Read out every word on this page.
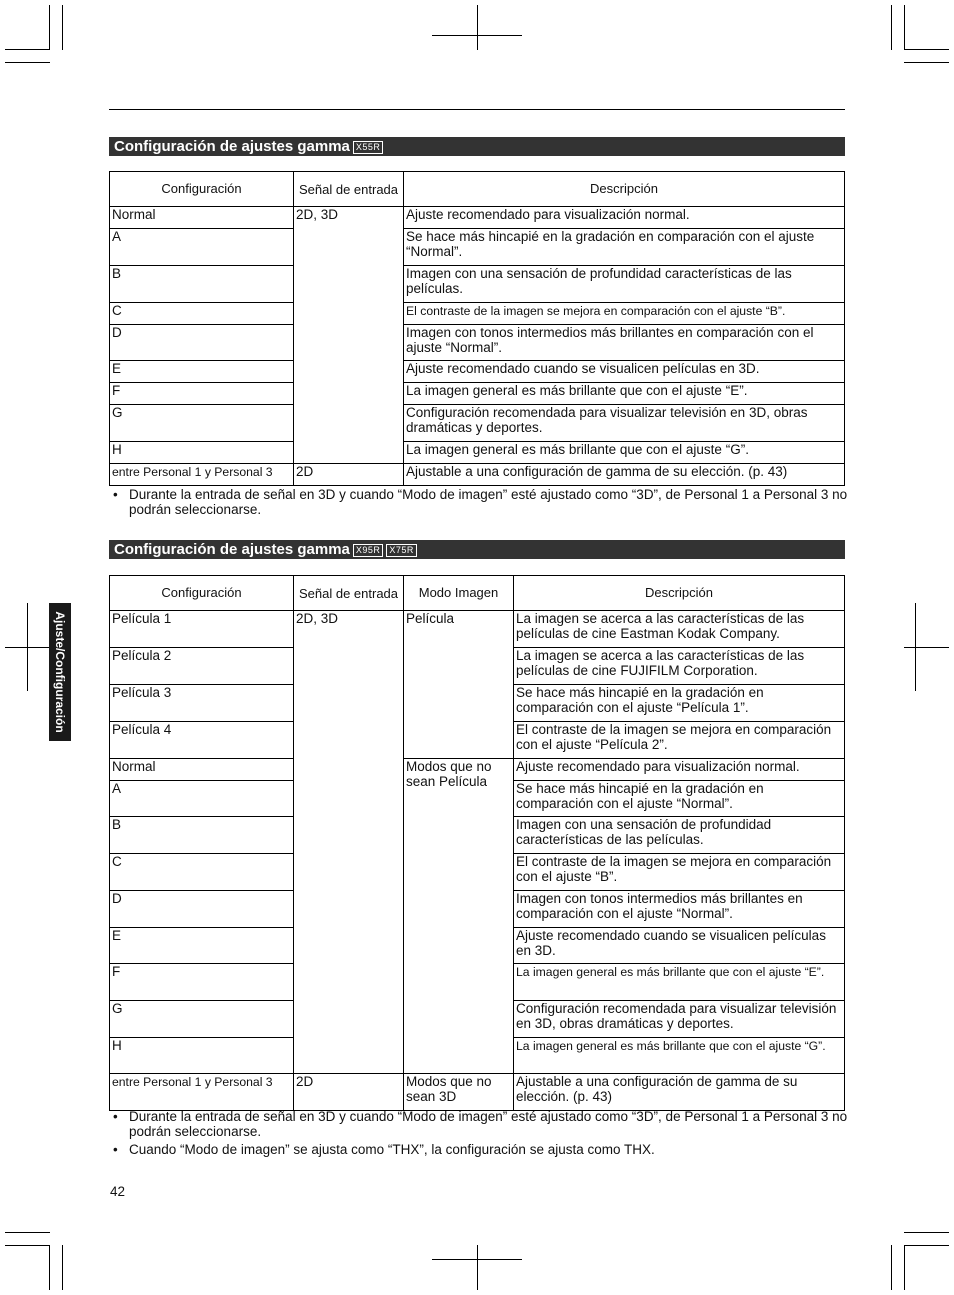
Configuración de ajustes gamma X55R
Configuración	Señal de entrada	Descripción
Normal	2D, 3D	Ajuste recomendado para visualización normal.
A		Se hace más hincapié en la gradación en comparación con el ajuste “Normal”.
B		Imagen con una sensación de profundidad características de las películas.
C		El contraste de la imagen se mejora en comparación con el ajuste “B”.
D		Imagen con tonos intermedios más brillantes en comparación con el ajuste “Normal”.
E		Ajuste recomendado cuando se visualicen películas en 3D.
F		La imagen general es más brillante que con el ajuste “E”.
G		Configuración recomendada para visualizar televisión en 3D, obras dramáticas y deportes.
H		La imagen general es más brillante que con el ajuste “G”.
entre Personal 1 y Personal 3	2D	Ajustable a una configuración de gamma de su elección. (p. 43)
• Durante la entrada de señal en 3D y cuando “Modo de imagen” esté ajustado como “3D”, de Personal 1 a Personal 3 no podrán seleccionarse.
Configuración de ajustes gamma X95R X75R
Configuración	Señal de entrada	Modo Imagen	Descripción
Película 1	2D, 3D	Película	La imagen se acerca a las características de las películas de cine Eastman Kodak Company.
Película 2			La imagen se acerca a las características de las películas de cine FUJIFILM Corporation.
Película 3			Se hace más hincapié en la gradación en comparación con el ajuste “Película 1”.
Película 4			El contraste de la imagen se mejora en comparación con el ajuste “Película 2”.
Normal		Modos que no sean Película	Ajuste recomendado para visualización normal.
A			Se hace más hincapié en la gradación en comparación con el ajuste “Normal”.
B			Imagen con una sensación de profundidad características de las películas.
C			El contraste de la imagen se mejora en comparación con el ajuste “B”.
D			Imagen con tonos intermedios más brillantes en comparación con el ajuste “Normal”.
E			Ajuste recomendado cuando se visualicen películas en 3D.
F			La imagen general es más brillante que con el ajuste “E”.
G			Configuración recomendada para visualizar televisión en 3D, obras dramáticas y deportes.
H			La imagen general es más brillante que con el ajuste “G”.
entre Personal 1 y Personal 3	2D	Modos que no sean 3D	Ajustable a una configuración de gamma de su elección. (p. 43)
• Durante la entrada de señal en 3D y cuando “Modo de imagen” esté ajustado como “3D”, de Personal 1 a Personal 3 no podrán seleccionarse.
• Cuando “Modo de imagen” se ajusta como “THX”, la configuración se ajusta como THX.
Ajuste/Configuración
42
